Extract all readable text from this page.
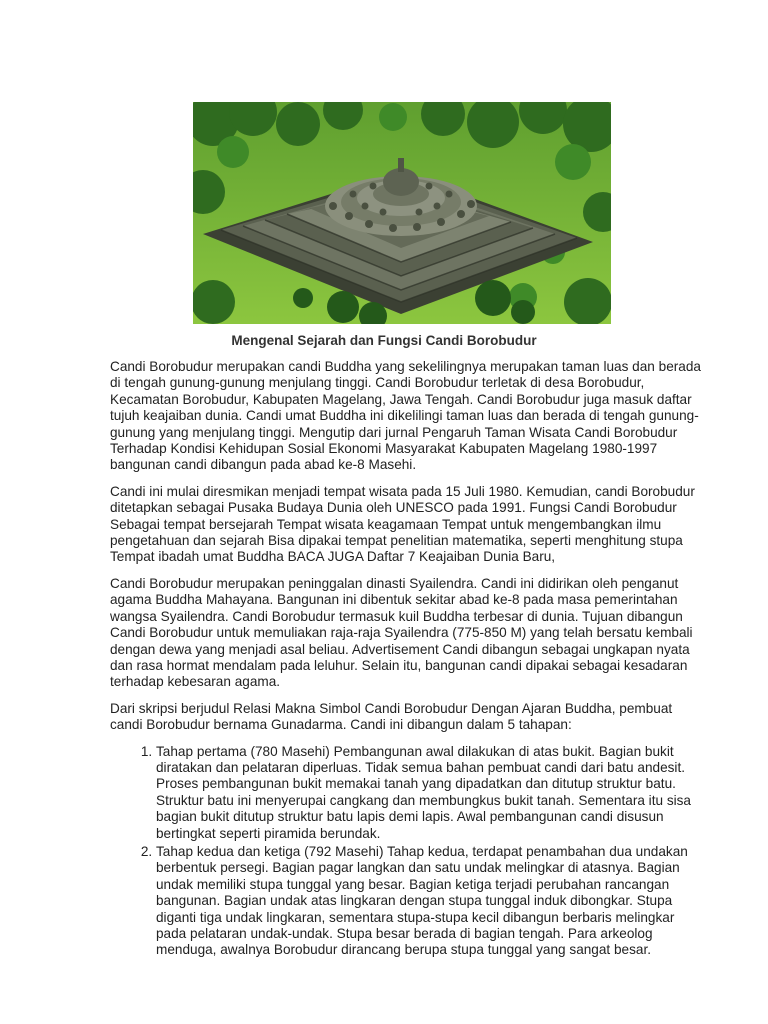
Mengenal Sejarah dan Fungsi Candi Borobudur

Candi Borobudur merupakan candi Buddha yang sekelilingnya merupakan taman luas dan berada di tengah gunung-gunung menjulang tinggi. Candi Borobudur terletak di desa Borobudur, Kecamatan Borobudur, Kabupaten Magelang, Jawa Tengah. Candi Borobudur juga masuk daftar tujuh keajaiban dunia. Candi umat Buddha ini dikelilingi taman luas dan berada di tengah gunung-gunung yang menjulang tinggi. Mengutip dari jurnal Pengaruh Taman Wisata Candi Borobudur Terhadap Kondisi Kehidupan Sosial Ekonomi Masyarakat Kabupaten Magelang 1980-1997 bangunan candi dibangun pada abad ke-8 Masehi.

Candi ini mulai diresmikan menjadi tempat wisata pada 15 Juli 1980. Kemudian, candi Borobudur ditetapkan sebagai Pusaka Budaya Dunia oleh UNESCO pada 1991. Fungsi Candi Borobudur Sebagai tempat bersejarah Tempat wisata keagamaan Tempat untuk mengembangkan ilmu pengetahuan dan sejarah Bisa dipakai tempat penelitian matematika, seperti menghitung stupa Tempat ibadah umat Buddha BACA JUGA Daftar 7 Keajaiban Dunia Baru,

Candi Borobudur merupakan peninggalan dinasti Syailendra. Candi ini didirikan oleh penganut agama Buddha Mahayana. Bangunan ini dibentuk sekitar abad ke-8 pada masa pemerintahan wangsa Syailendra. Candi Borobudur termasuk kuil Buddha terbesar di dunia. Tujuan dibangun Candi Borobudur untuk memuliakan raja-raja Syailendra (775-850 M) yang telah bersatu kembali dengan dewa yang menjadi asal beliau. Advertisement Candi dibangun sebagai ungkapan nyata dan rasa hormat mendalam pada leluhur. Selain itu, bangunan candi dipakai sebagai kesadaran terhadap kebesaran agama.

Dari skripsi berjudul Relasi Makna Simbol Candi Borobudur Dengan Ajaran Buddha, pembuat candi Borobudur bernama Gunadarma. Candi ini dibangun dalam 5 tahapan:

1. Tahap pertama (780 Masehi) Pembangunan awal dilakukan di atas bukit. Bagian bukit diratakan dan pelataran diperluas. Tidak semua bahan pembuat candi dari batu andesit. Proses pembangunan bukit memakai tanah yang dipadatkan dan ditutup struktur batu. Struktur batu ini menyerupai cangkang dan membungkus bukit tanah. Sementara itu sisa bagian bukit ditutup struktur batu lapis demi lapis. Awal pembangunan candi disusun bertingkat seperti piramida berundak.
2. Tahap kedua dan ketiga (792 Masehi) Tahap kedua, terdapat penambahan dua undakan berbentuk persegi. Bagian pagar langkan dan satu undak melingkar di atasnya. Bagian undak memiliki stupa tunggal yang besar. Bagian ketiga terjadi perubahan rancangan bangunan. Bagian undak atas lingkaran dengan stupa tunggal induk dibongkar. Stupa diganti tiga undak lingkaran, sementara stupa-stupa kecil dibangun berbaris melingkar pada pelataran undak-undak. Stupa besar berada di bagian tengah. Para arkeolog menduga, awalnya Borobudur dirancang berupa stupa tunggal yang sangat besar.
